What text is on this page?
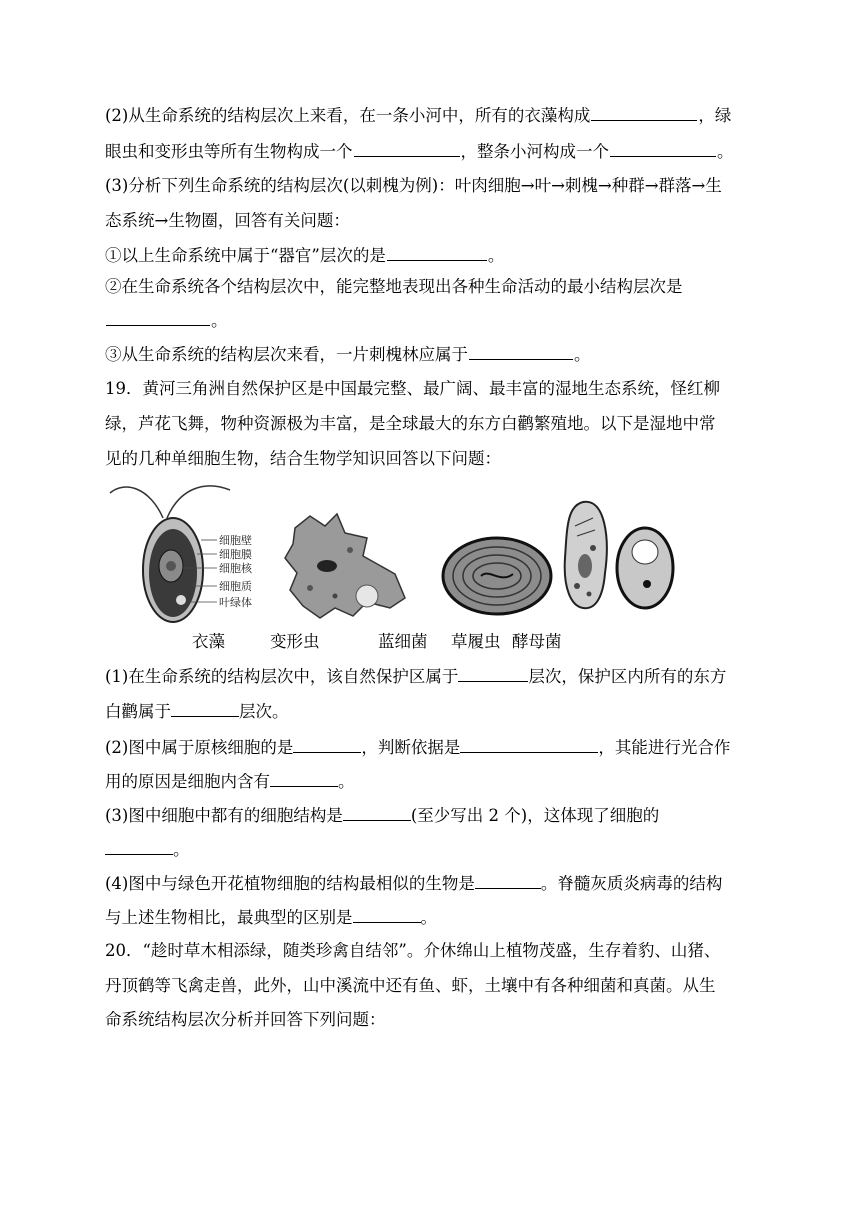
(2)从生命系统的结构层次上来看，在一条小河中，所有的衣藻构成	，绿
眼虫和变形虫等所有生物构成一个	，整条小河构成一个	。
(3)分析下列生命系统的结构层次(以刺槐为例)：叶肉细胞→叶→刺槐→种群→群落→生
态系统→生物圈，回答有关问题：
①以上生命系统中属于“器官”层次的是	。
②在生命系统各个结构层次中，能完整地表现出各种生命活动的最小结构层次是
。
③从生命系统的结构层次来看，一片刺槐林应属于	。
19．黄河三角洲自然保护区是中国最完整、最广阔、最丰富的湿地生态系统，怪红柳
绿，芦花飞舞，物种资源极为丰富，是全球最大的东方白鹳繁殖地。以下是湿地中常
见的几种单细胞生物，结合生物学知识回答以下问题：
细胞壁
细胞膜
细胞核
细胞质
叶绿体
衣藻	变形虫	蓝细菌 草履虫 酵母菌
(1)在生命系统的结构层次中，该自然保护区属于	层次，保护区内所有的东方
白鹳属于	层次。
(2)图中属于原核细胞的是	，判断依据是	，其能进行光合作
用的原因是细胞内含有	。
(3)图中细胞中都有的细胞结构是	(至少写出 2 个)，这体现了细胞的
。
(4)图中与绿色开花植物细胞的结构最相似的生物是	。脊髓灰质炎病毒的结构
与上述生物相比，最典型的区别是	。
20．“趁时草木相添绿，随类珍禽自结邻”。介休绵山上植物茂盛，生存着豹、山猪、
丹顶鹤等飞禽走兽，此外，山中溪流中还有鱼、虾，土壤中有各种细菌和真菌。从生
命系统结构层次分析并回答下列问题：
